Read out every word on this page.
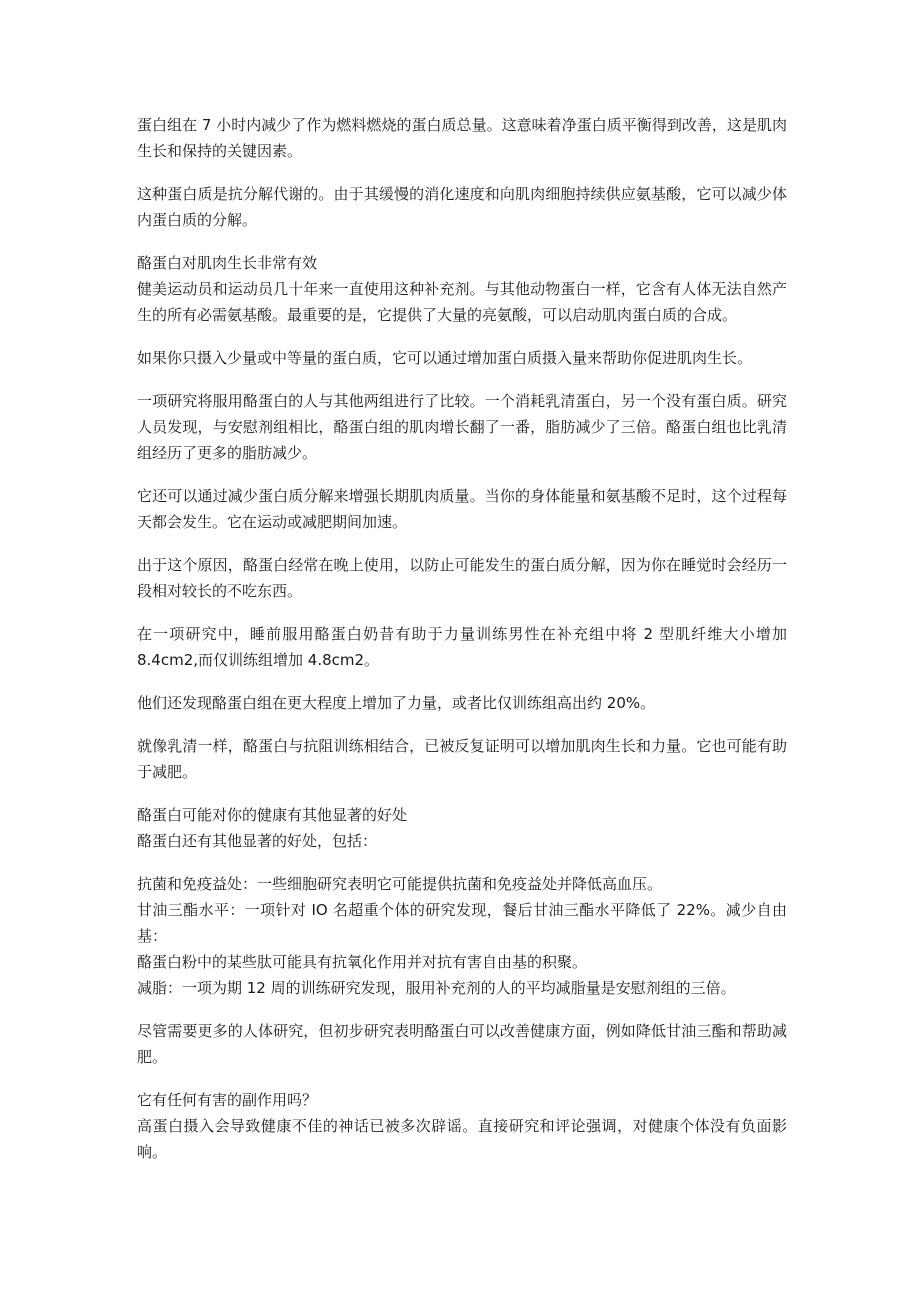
蛋白组在 7 小时内减少了作为燃料燃烧的蛋白质总量。这意味着净蛋白质平衡得到改善，这是肌肉生长和保持的关键因素。

这种蛋白质是抗分解代谢的。由于其缓慢的消化速度和向肌肉细胞持续供应氨基酸，它可以减少体内蛋白质的分解。

酪蛋白对肌肉生长非常有效
健美运动员和运动员几十年来一直使用这种补充剂。与其他动物蛋白一样，它含有人体无法自然产生的所有必需氨基酸。最重要的是，它提供了大量的亮氨酸，可以启动肌肉蛋白质的合成。

如果你只摄入少量或中等量的蛋白质，它可以通过增加蛋白质摄入量来帮助你促进肌肉生长。

一项研究将服用酪蛋白的人与其他两组进行了比较。一个消耗乳清蛋白，另一个没有蛋白质。研究人员发现，与安慰剂组相比，酪蛋白组的肌肉增长翻了一番，脂肪减少了三倍。酪蛋白组也比乳清组经历了更多的脂肪减少。

它还可以通过减少蛋白质分解来增强长期肌肉质量。当你的身体能量和氨基酸不足时，这个过程每天都会发生。它在运动或减肥期间加速。

出于这个原因，酪蛋白经常在晚上使用，以防止可能发生的蛋白质分解，因为你在睡觉时会经历一段相对较长的不吃东西。

在一项研究中，睡前服用酪蛋白奶昔有助于力量训练男性在补充组中将 2 型肌纤维大小增加 8.4cm2,而仅训练组增加 4.8cm2。

他们还发现酪蛋白组在更大程度上增加了力量，或者比仅训练组高出约 20%。

就像乳清一样，酪蛋白与抗阻训练相结合，已被反复证明可以增加肌肉生长和力量。它也可能有助于减肥。

酪蛋白可能对你的健康有其他显著的好处
酪蛋白还有其他显著的好处，包括：

抗菌和免疫益处：一些细胞研究表明它可能提供抗菌和免疫益处并降低高血压。
甘油三酯水平：一项针对 IO 名超重个体的研究发现，餐后甘油三酯水平降低了 22%。减少自由基：
酪蛋白粉中的某些肽可能具有抗氧化作用并对抗有害自由基的积聚。
减脂：一项为期 12 周的训练研究发现，服用补充剂的人的平均减脂量是安慰剂组的三倍。

尽管需要更多的人体研究，但初步研究表明酪蛋白可以改善健康方面，例如降低甘油三酯和帮助减肥。

它有任何有害的副作用吗？
高蛋白摄入会导致健康不佳的神话已被多次辟谣。直接研究和评论强调，对健康个体没有负面影响。
